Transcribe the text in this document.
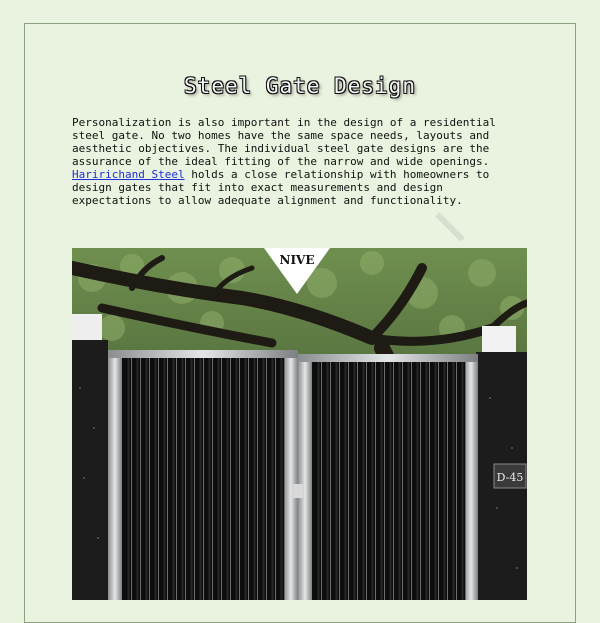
Steel Gate Design

Personalization is also important in the design of a residential steel gate. No two homes have the same space needs, layouts and aesthetic objectives. The individual steel gate designs are the assurance of the ideal fitting of the narrow and wide openings. Haririchand Steel holds a close relationship with homeowners to design gates that fit into exact measurements and design expectations to allow adequate alignment and functionality.

NIVE
D-45
